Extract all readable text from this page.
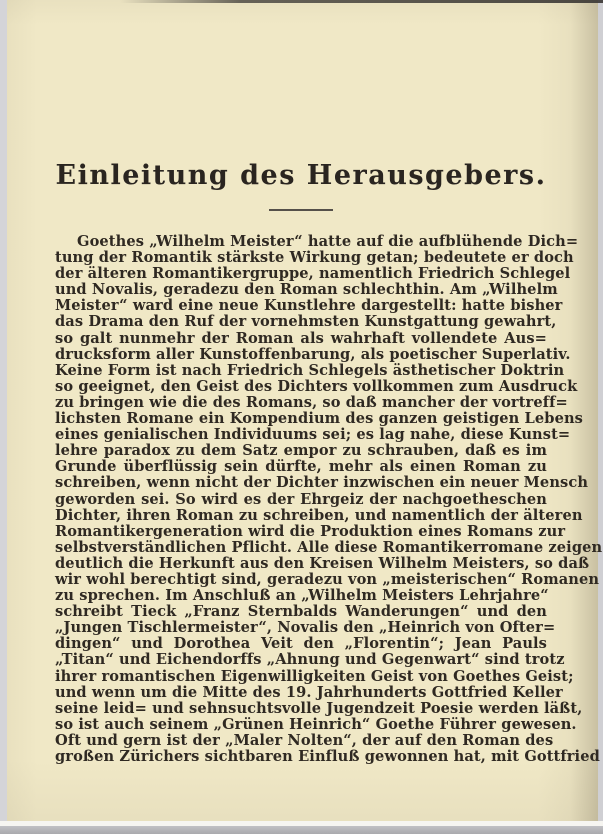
Einleitung des Herausgebers.
Goethes „Wilhelm Meister“ hatte auf die aufblühende Dich=
tung der Romantik stärkste Wirkung getan; bedeutete er doch
der älteren Romantikergruppe, namentlich Friedrich Schlegel
und Novalis, geradezu den Roman schlechthin. Am „Wilhelm
Meister“ ward eine neue Kunstlehre dargestellt: hatte bisher
das Drama den Ruf der vornehmsten Kunstgattung gewahrt,
so galt nunmehr der Roman als wahrhaft vollendete Aus=
drucksform aller Kunstoffenbarung, als poetischer Superlativ.
Keine Form ist nach Friedrich Schlegels ästhetischer Doktrin
so geeignet, den Geist des Dichters vollkommen zum Ausdruck
zu bringen wie die des Romans, so daß mancher der vortreff=
lichsten Romane ein Kompendium des ganzen geistigen Lebens
eines genialischen Individuums sei; es lag nahe, diese Kunst=
lehre paradox zu dem Satz empor zu schrauben, daß es im
Grunde überflüssig sein dürfte, mehr als einen Roman zu
schreiben, wenn nicht der Dichter inzwischen ein neuer Mensch
geworden sei. So wird es der Ehrgeiz der nachgoetheschen
Dichter, ihren Roman zu schreiben, und namentlich der älteren
Romantikergeneration wird die Produktion eines Romans zur
selbstverständlichen Pflicht. Alle diese Romantikerromane zeigen
deutlich die Herkunft aus den Kreisen Wilhelm Meisters, so daß
wir wohl berechtigt sind, geradezu von „meisterischen“ Romanen
zu sprechen. Im Anschluß an „Wilhelm Meisters Lehrjahre“
schreibt Tieck „Franz Sternbalds Wanderungen“ und den
„Jungen Tischlermeister“, Novalis den „Heinrich von Ofter=
dingen“ und Dorothea Veit den „Florentin“; Jean Pauls
„Titan“ und Eichendorffs „Ahnung und Gegenwart“ sind trotz
ihrer romantischen Eigenwilligkeiten Geist von Goethes Geist;
und wenn um die Mitte des 19. Jahrhunderts Gottfried Keller
seine leid= und sehnsuchtsvolle Jugendzeit Poesie werden läßt,
so ist auch seinem „Grünen Heinrich“ Goethe Führer gewesen.
Oft und gern ist der „Maler Nolten“, der auf den Roman des
großen Zürichers sichtbaren Einfluß gewonnen hat, mit Gottfried
